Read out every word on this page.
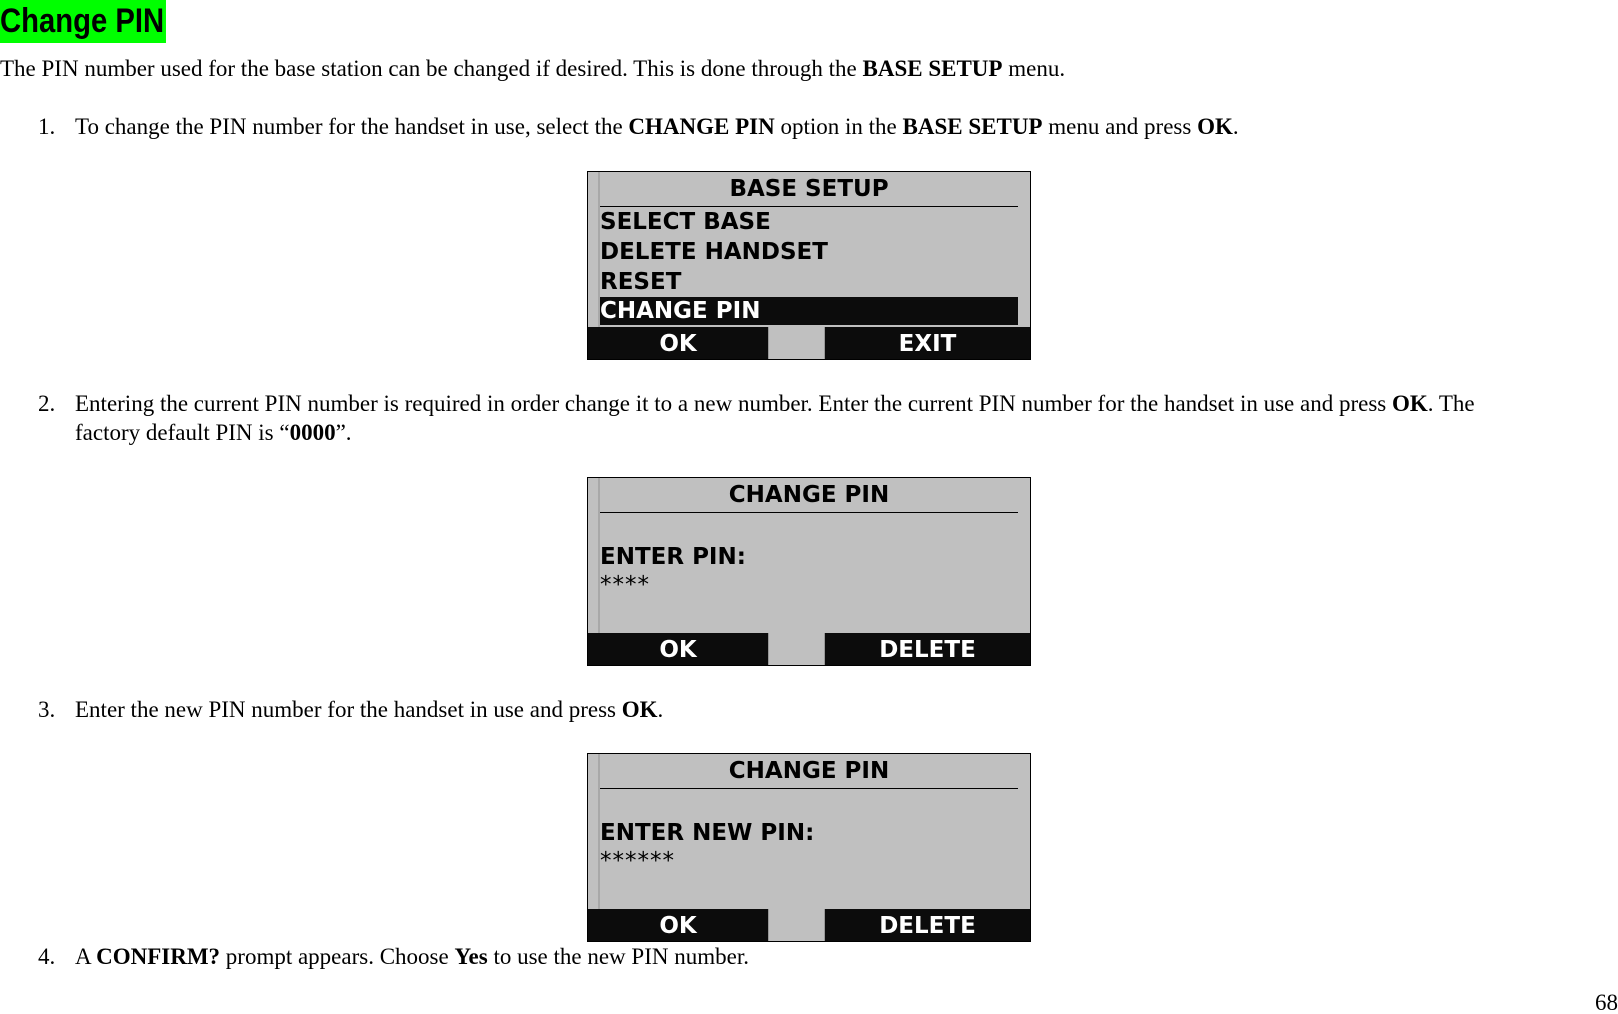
Change PIN
The PIN number used for the base station can be changed if desired. This is done through the BASE SETUP menu.
1. To change the PIN number for the handset in use, select the CHANGE PIN option in the BASE SETUP menu and press OK.
BASE SETUP
SELECT BASE
DELETE HANDSET
RESET
CHANGE PIN
OK	EXIT
2. Entering the current PIN number is required in order change it to a new number. Enter the current PIN number for the handset in use and press OK. The
factory default PIN is “0000”.
CHANGE PIN
ENTER PIN:
****
OK	DELETE
3. Enter the new PIN number for the handset in use and press OK.
CHANGE PIN
ENTER NEW PIN:
******
OK	DELETE
4. A CONFIRM? prompt appears. Choose Yes to use the new PIN number.
68
